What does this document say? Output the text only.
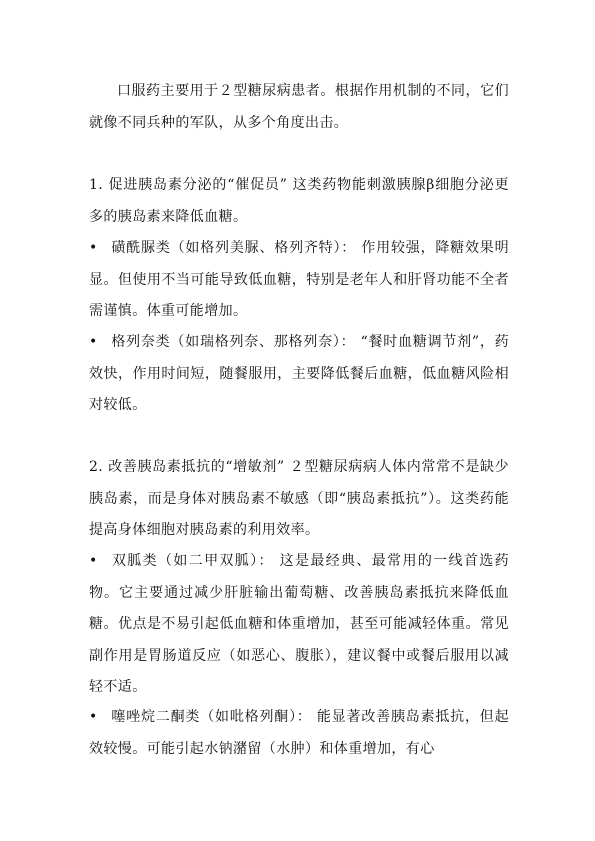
口服药主要用于２型糖尿病患者。根据作用机制的不同，它们就像不同兵种的军队，从多个角度出击。

1. 促进胰岛素分泌的“催促员” 这类药物能刺激胰腺β细胞分泌更多的胰岛素来降低血糖。

• 磺酰脲类（如格列美脲、格列齐特）： 作用较强，降糖效果明显。但使用不当可能导致低血糖，特别是老年人和肝肾功能不全者需谨慎。体重可能增加。

• 格列奈类（如瑞格列奈、那格列奈）： “餐时血糖调节剂”，药效快，作用时间短，随餐服用，主要降低餐后血糖，低血糖风险相对较低。

2. 改善胰岛素抵抗的“增敏剂” ２型糖尿病病人体内常常不是缺少胰岛素，而是身体对胰岛素不敏感（即“胰岛素抵抗”）。这类药能提高身体细胞对胰岛素的利用效率。

• 双胍类（如二甲双胍）： 这是最经典、最常用的一线首选药物。它主要通过减少肝脏输出葡萄糖、改善胰岛素抵抗来降低血糖。优点是不易引起低血糖和体重增加，甚至可能减轻体重。常见副作用是胃肠道反应（如恶心、腹胀），建议餐中或餐后服用以减轻不适。

• 噻唑烷二酮类（如吡格列酮）： 能显著改善胰岛素抵抗，但起效较慢。可能引起水钠潴留（水肿）和体重增加，有心
